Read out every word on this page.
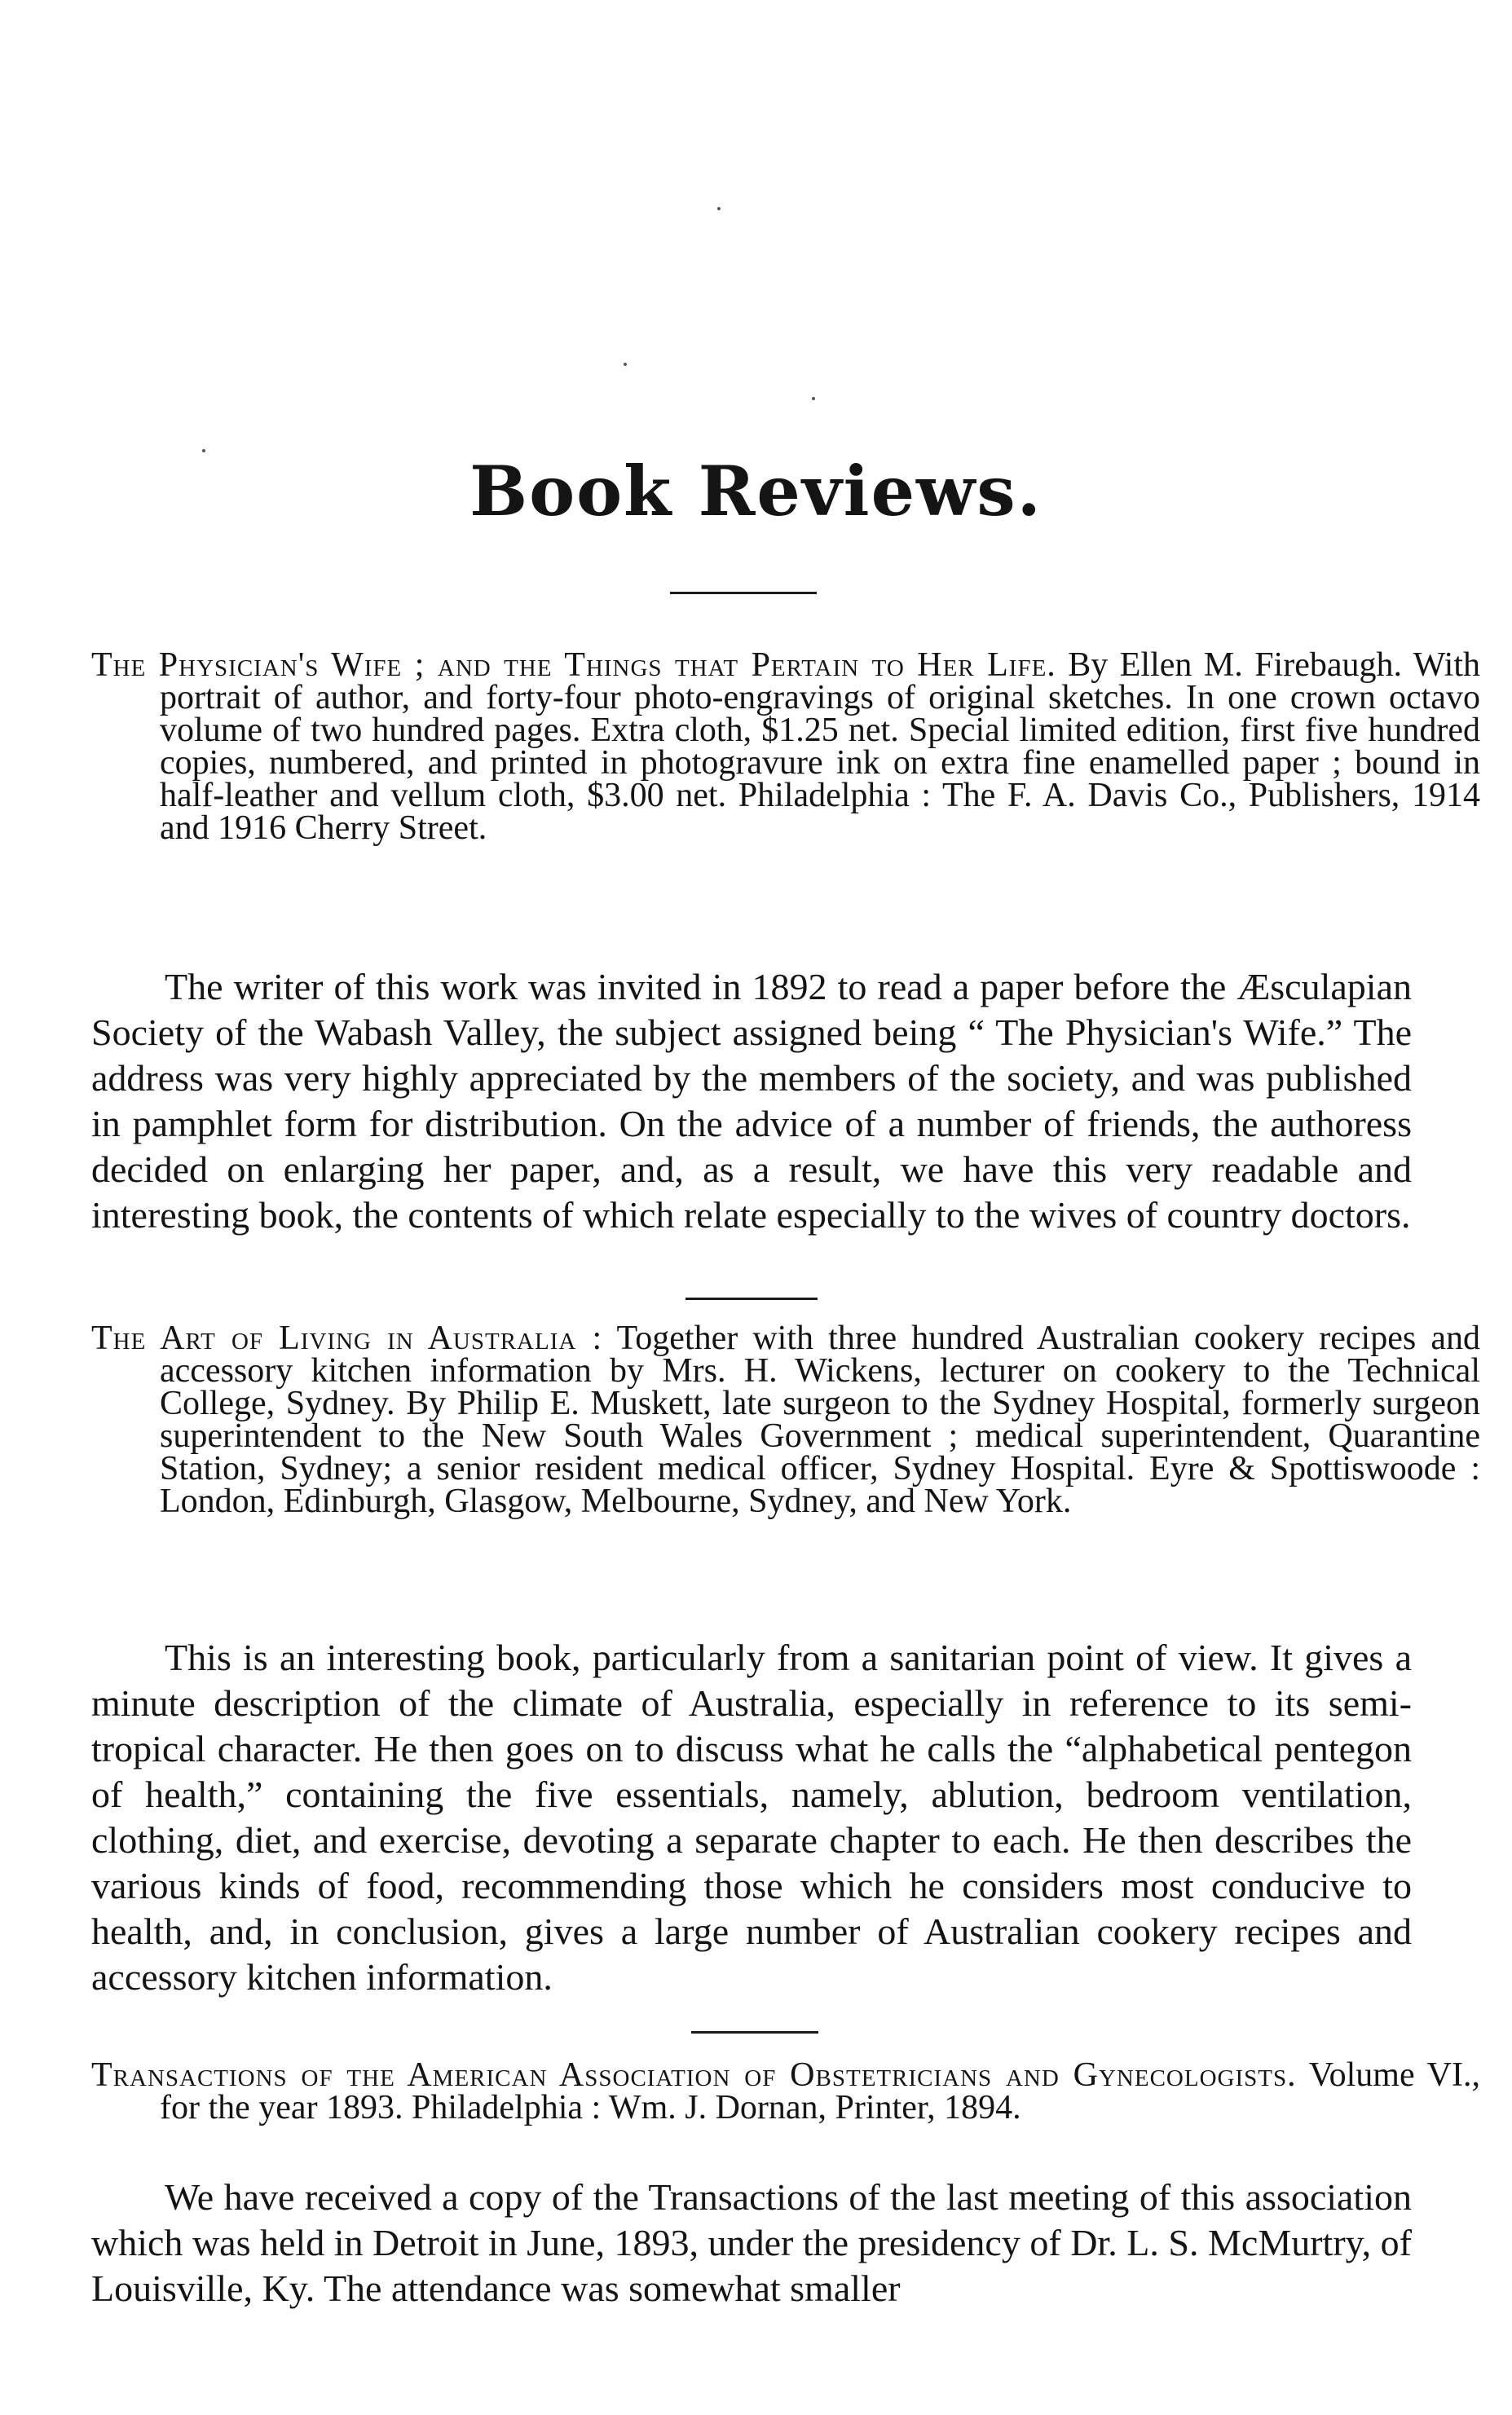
Book Reviews.
The Physician's Wife ; and the Things that Pertain to Her Life. By Ellen M. Firebaugh. With portrait of author, and forty-four photo-engravings of original sketches. In one crown octavo volume of two hundred pages. Extra cloth, $1.25 net. Special limited edition, first five hundred copies, numbered, and printed in photogravure ink on extra fine enamelled paper ; bound in half-leather and vellum cloth, $3.00 net. Philadelphia : The F. A. Davis Co., Publishers, 1914 and 1916 Cherry Street.
The writer of this work was invited in 1892 to read a paper before the Æsculapian Society of the Wabash Valley, the subject assigned being “ The Physician's Wife.” The address was very highly appreciated by the members of the society, and was published in pamphlet form for distribution. On the advice of a number of friends, the authoress decided on enlarging her paper, and, as a result, we have this very readable and interesting book, the contents of which relate especially to the wives of country doctors.
The Art of Living in Australia : Together with three hundred Australian cookery recipes and accessory kitchen information by Mrs. H. Wickens, lecturer on cookery to the Technical College, Sydney. By Philip E. Muskett, late surgeon to the Sydney Hospital, formerly surgeon superintendent to the New South Wales Government ; medical superintendent, Quarantine Station, Sydney; a senior resident medical officer, Sydney Hospital. Eyre & Spottiswoode : London, Edinburgh, Glasgow, Melbourne, Sydney, and New York.
This is an interesting book, particularly from a sanitarian point of view. It gives a minute description of the climate of Australia, especially in reference to its semi-tropical character. He then goes on to discuss what he calls the “alphabetical pentegon of health,” containing the five essentials, namely, ablution, bedroom ventilation, clothing, diet, and exercise, devoting a separate chapter to each. He then describes the various kinds of food, recommending those which he considers most conducive to health, and, in conclusion, gives a large number of Australian cookery recipes and accessory kitchen information.
Transactions of the American Association of Obstetricians and Gynecologists. Volume VI., for the year 1893. Philadelphia : Wm. J. Dornan, Printer, 1894.
We have received a copy of the Transactions of the last meeting of this association which was held in Detroit in June, 1893, under the presidency of Dr. L. S. McMurtry, of Louisville, Ky. The attendance was somewhat smaller
